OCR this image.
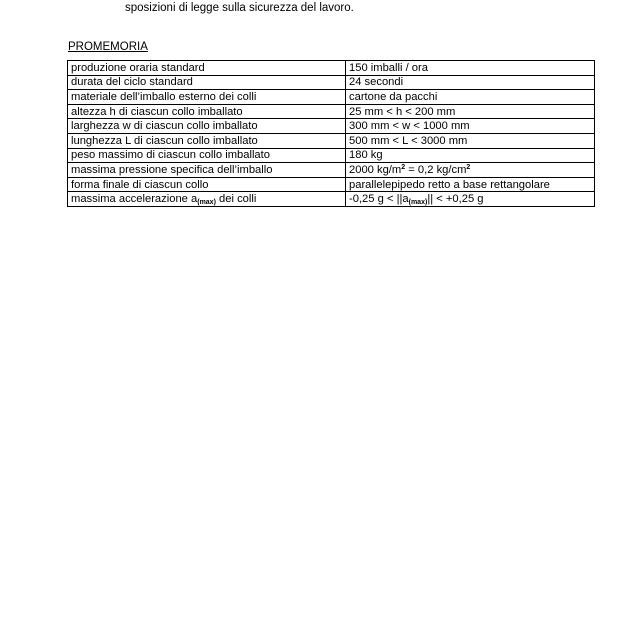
sposizioni di legge sulla sicurezza del lavoro.

PROMEMORIA

produzione oraria standard	150 imballi / ora
durata del ciclo standard	24 secondi
materiale dell’imballo esterno dei colli	cartone da pacchi
altezza h di ciascun collo imballato	25 mm < h < 200 mm
larghezza w di ciascun collo imballato	300 mm < w < 1000 mm
lunghezza L di ciascun collo imballato	500 mm < L < 3000 mm
peso massimo di ciascun collo imballato	180 kg
massima pressione specifica dell’imballo	2000 $kg/m^2 = 0,2$ $kg/cm^2$
forma finale di ciascun collo	parallelepipedo retto a base rettangolare
massima accelerazione $a_{(max)}$ dei colli	-0,25 $g < ||a_{(max)}|| < +0,25$ g
